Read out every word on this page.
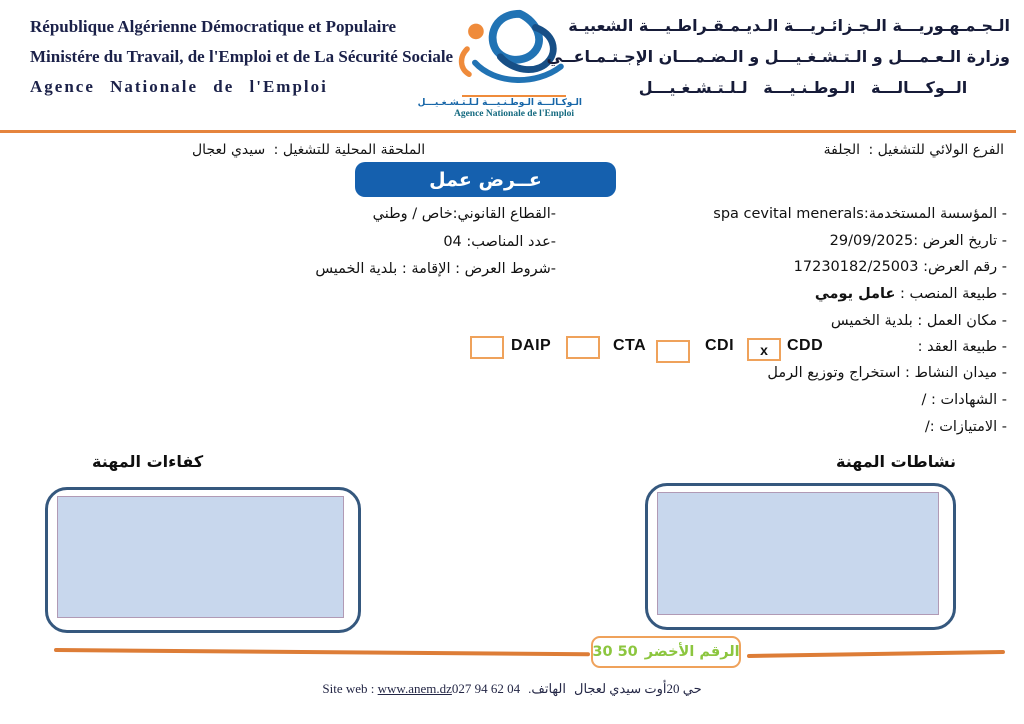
République Algérienne Démocratique et Populaire
Ministére du Travail, de l'Emploi et de La Sécurité Sociale
Agence Nationale de l'Emploi
الـوكـالـــة الـوطـنـيـــة لـلـتـشـغـيـــل
Agence Nationale de l'Emploi
الـجـمـهـوريـــة الـجـزائـريـــة الـديـمـقـراطـيـــة الشعبيـة
وزارة الـعـمـــل و الـتـشـغـيـــل و الـضـمـــان الإجـتـمـاعــي
الــوكـــالـــة الـوطـنـيـــة لـلـتـشـغـيـــل
الفرع الولائي للتشغيل : الجلفة
الملحقة المحلية للتشغيل : سيدي لعجال
عــرض عمل
- المؤسسة المستخدمة:spa cevital menerals
- تاريخ العرض :29/09/2025
- رقم العرض: 17230182/25003
- طبيعة المنصب : عامل يومي
- مكان العمل : بلدية الخميس
- طبيعة العقد :
- ميدان النشاط : استخراج وتوزيع الرمل
- الشهادات : /
- الامتيازات :/
-القطاع القانوني:خاص / وطني
-عدد المناصب: 04
-شروط العرض : الإقامة : بلدية الخميس
DAIP	CTA	CDI x CDD
كفاءات المهنة	نشاطات المهنة
30 50 الرقم الأخضر
Site web : www.anem.dz027 94 62 04 الهاتف. حي 20أوت سيدي لعجال
